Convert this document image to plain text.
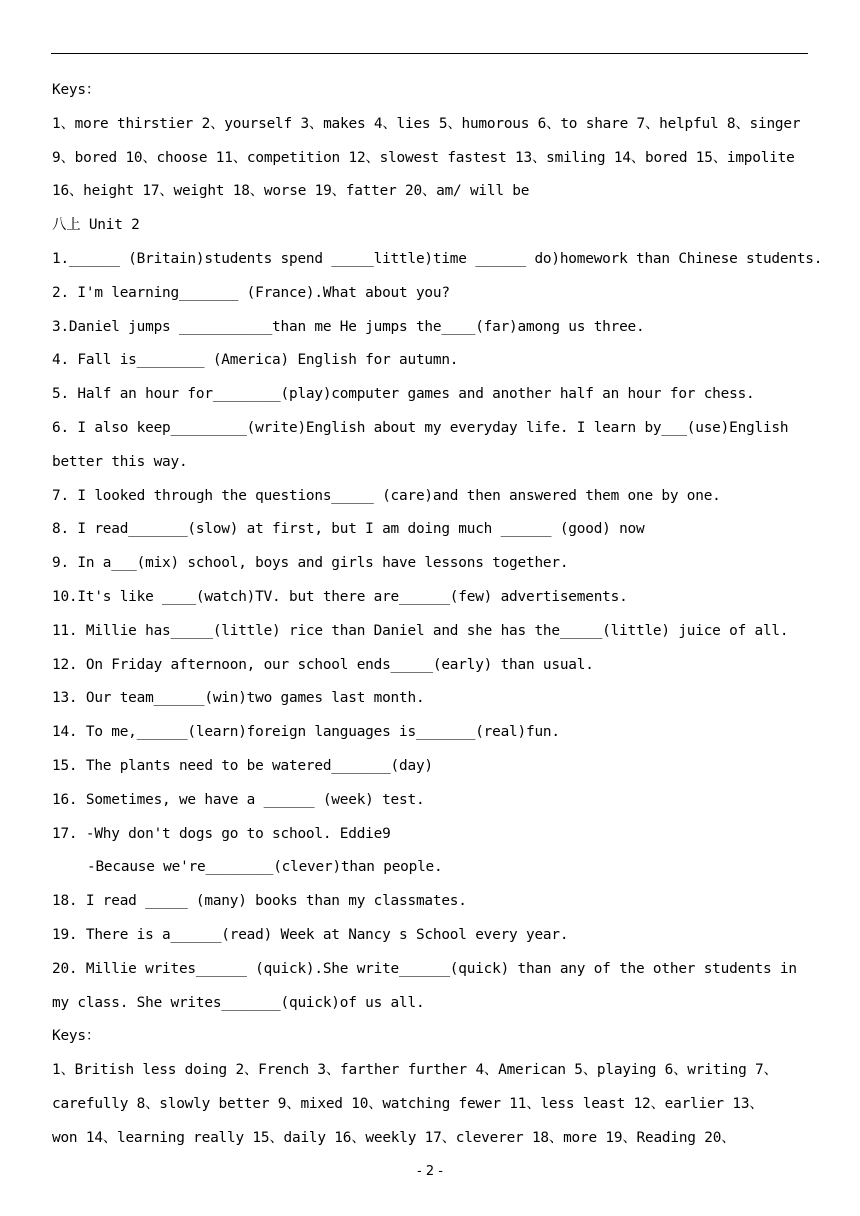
Keys：
1、more thirstier 2、yourself 3、makes 4、lies 5、humorous 6、to share 7、helpful 8、singer
9、bored 10、choose 11、competition 12、slowest fastest 13、smiling 14、bored 15、impolite
16、height 17、weight 18、worse 19、fatter 20、am/ will be
八上 Unit 2
1.______ (Britain)students spend _____little)time ______ do)homework than Chinese students.
2. I'm learning_______ (France).What about you?
3.Daniel jumps ___________than me He jumps the____(far)among us three.
4. Fall is________ (America) English for autumn.
5. Half an hour for________(play)computer games and another half an hour for chess.
6. I also keep_________(write)English about my everyday life. I learn by___(use)English
better this way.
7. I looked through the questions_____ (care)and then answered them one by one.
8. I read_______(slow) at first, but I am doing much ______ (good) now
9. In a___(mix) school, boys and girls have lessons together.
10.It's like ____(watch)TV. but there are______(few) advertisements.
11. Millie has_____(little) rice than Daniel and she has the_____(little) juice of all.
12. On Friday afternoon, our school ends_____(early) than usual.
13. Our team______(win)two games last month.
14. To me,______(learn)foreign languages is_______(real)fun.
15. The plants need to be watered_______(day)
16. Sometimes, we have a ______ (week) test.
17. -Why don't dogs go to school. Eddie9
-Because we're________(clever)than people.
18. I read _____ (many) books than my classmates.
19. There is a______(read) Week at Nancy s School every year.
20. Millie writes______ (quick).She write______(quick) than any of the other students in
my class. She writes_______(quick)of us all.
Keys：
1、British less doing 2、French 3、farther further 4、American 5、playing 6、writing 7、
carefully 8、slowly better 9、mixed 10、watching fewer 11、less least 12、earlier 13、
won 14、learning really 15、daily 16、weekly 17、cleverer 18、more 19、Reading 20、
- 2 -
